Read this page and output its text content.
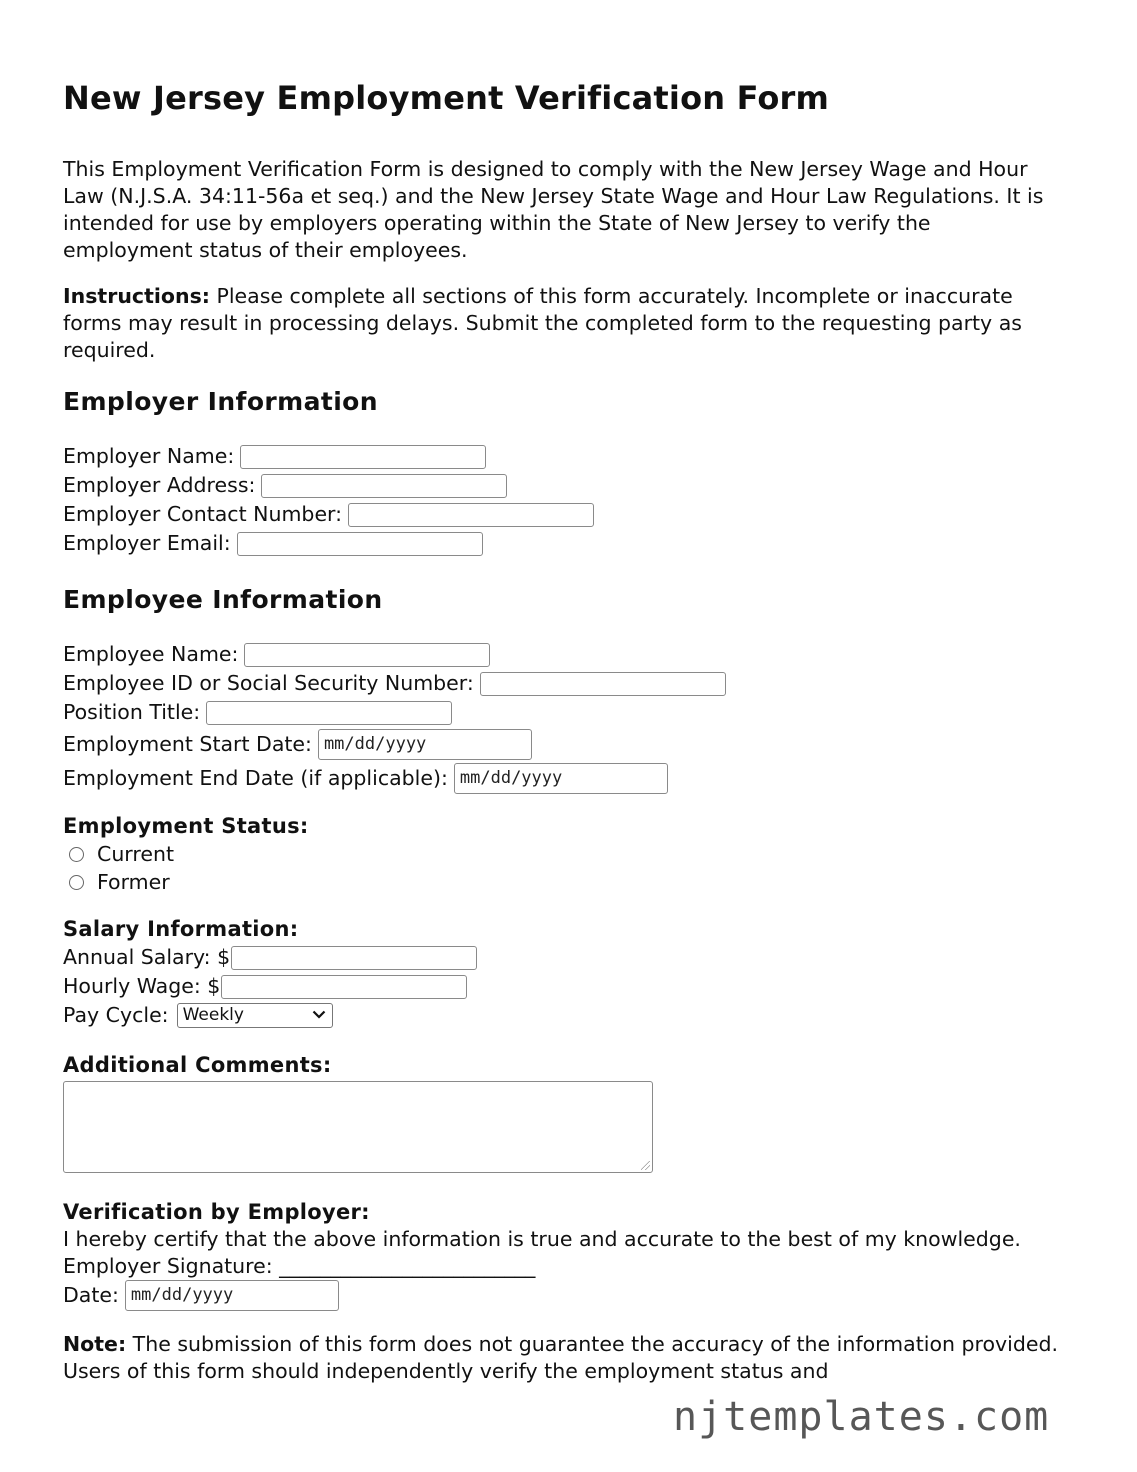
New Jersey Employment Verification Form

This Employment Verification Form is designed to comply with the New Jersey Wage and Hour Law (N.J.S.A. 34:11-56a et seq.) and the New Jersey State Wage and Hour Law Regulations. It is intended for use by employers operating within the State of New Jersey to verify the employment status of their employees.

Instructions: Please complete all sections of this form accurately. Incomplete or inaccurate forms may result in processing delays. Submit the completed form to the requesting party as required.

Employer Information
Employer Name:
Employer Address:
Employer Contact Number:
Employer Email:
Employee Information
Employee Name:
Employee ID or Social Security Number:
Position Title:
Employment Start Date: mm/dd/yyyy
Employment End Date (if applicable): mm/dd/yyyy
Employment Status:
Current
Former
Salary Information:
Annual Salary: $
Hourly Wage: $
Pay Cycle: Weekly
Additional Comments:
Verification by Employer:
I hereby certify that the above information is true and accurate to the best of my knowledge.
Employer Signature: _________________________
Date: mm/dd/yyyy

Note: The submission of this form does not guarantee the accuracy of the information provided. Users of this form should independently verify the employment status and

njtemplates.com
